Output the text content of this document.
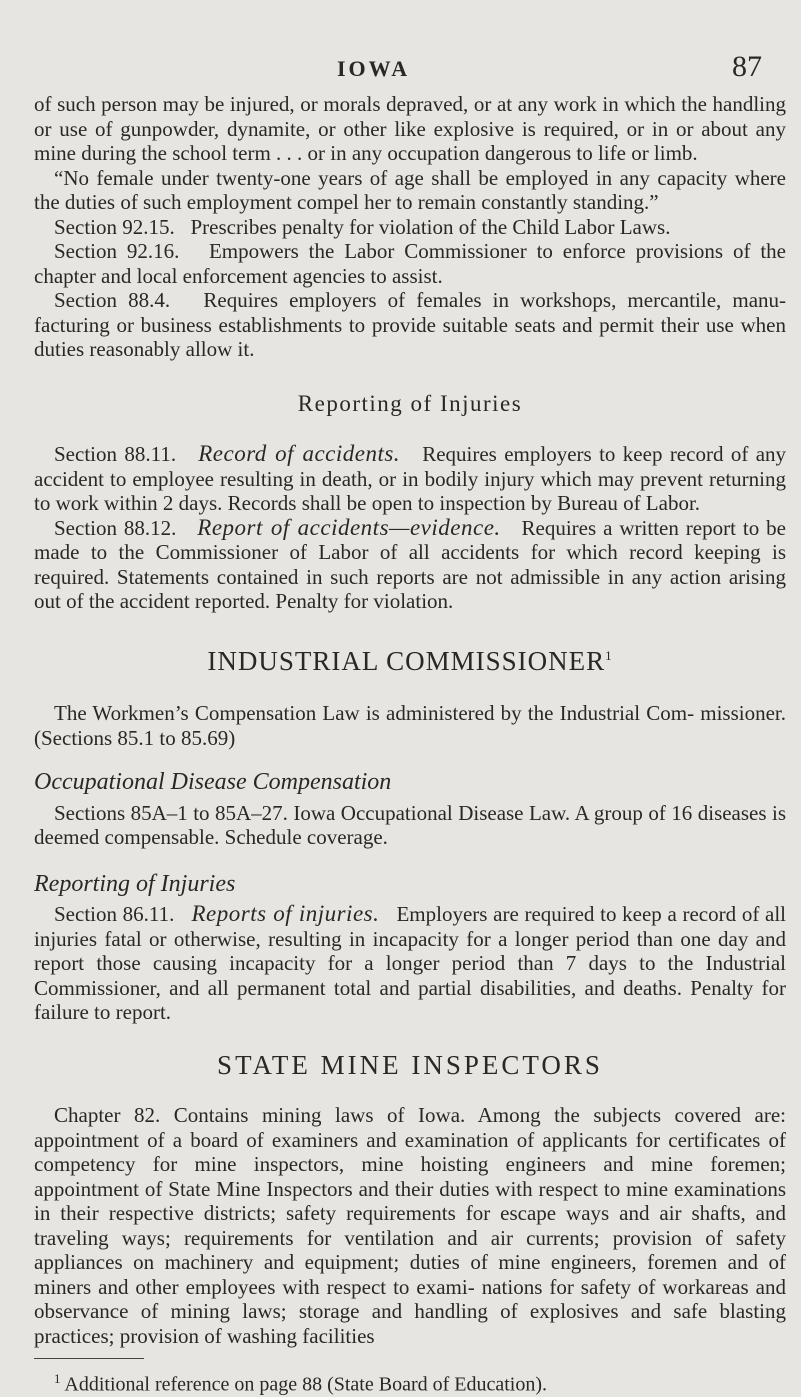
IOWA	87

of such person may be injured, or morals depraved, or at any work in which the handling or use of gunpowder, dynamite, or other like explosive is required, or in or about any mine during the school term . . . or in any occupation dangerous to life or limb.

“No female under twenty-one years of age shall be employed in any capacity where the duties of such employment compel her to remain constantly standing.”

Section 92.15. Prescribes penalty for violation of the Child Labor Laws.

Section 92.16. Empowers the Labor Commissioner to enforce provisions of the chapter and local enforcement agencies to assist.

Section 88.4. Requires employers of females in workshops, mercantile, manu- facturing or business establishments to provide suitable seats and permit their use when duties reasonably allow it.

Reporting of Injuries

Section 88.11. Record of accidents. Requires employers to keep record of any accident to employee resulting in death, or in bodily injury which may prevent returning to work within 2 days. Records shall be open to inspection by Bureau of Labor.

Section 88.12. Report of accidents—evidence. Requires a written report to be made to the Commissioner of Labor of all accidents for which record keeping is required. Statements contained in such reports are not admissible in any action arising out of the accident reported. Penalty for violation.

INDUSTRIAL COMMISSIONER$^1$

The Workmen’s Compensation Law is administered by the Industrial Com- missioner. (Sections 85.1 to 85.69)

Occupational Disease Compensation

Sections 85A–1 to 85A–27. Iowa Occupational Disease Law. A group of 16 diseases is deemed compensable. Schedule coverage.

Reporting of Injuries

Section 86.11. Reports of injuries. Employers are required to keep a record of all injuries fatal or otherwise, resulting in incapacity for a longer period than one day and report those causing incapacity for a longer period than 7 days to the Industrial Commissioner, and all permanent total and partial disabilities, and deaths. Penalty for failure to report.

STATE MINE INSPECTORS

Chapter 82. Contains mining laws of Iowa. Among the subjects covered are: appointment of a board of examiners and examination of applicants for certificates of competency for mine inspectors, mine hoisting engineers and mine foremen; appointment of State Mine Inspectors and their duties with respect to mine examinations in their respective districts; safety requirements for escape ways and air shafts, and traveling ways; requirements for ventilation and air currents; provision of safety appliances on machinery and equipment; duties of mine engineers, foremen and of miners and other employees with respect to exami- nations for safety of workareas and observance of mining laws; storage and handling of explosives and safe blasting practices; provision of washing facilities

$^1$ Additional reference on page 88 (State Board of Education).
